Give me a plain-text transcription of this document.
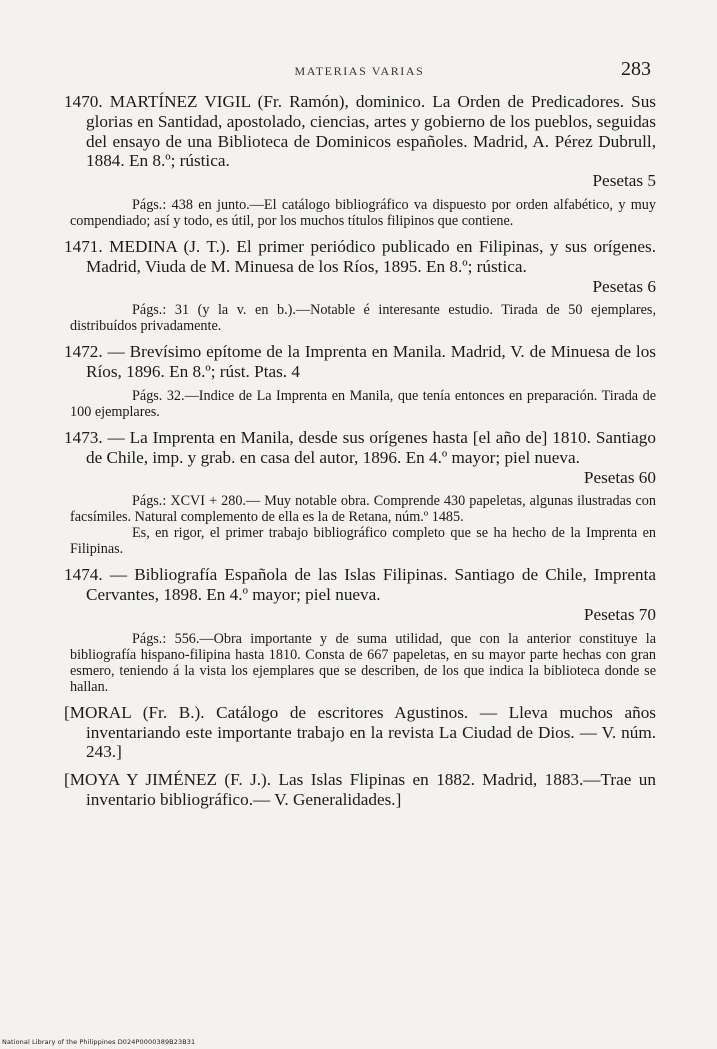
MATERIAS VARIAS	283
1470. MARTÍNEZ VIGIL (Fr. Ramón), dominico. La Orden de Predicadores. Sus glorias en Santidad, apostolado, ciencias, artes y gobierno de los pueblos, seguidas del ensayo de una Biblioteca de Dominicos españoles. Madrid, A. Pérez Dubrull, 1884. En 8.º; rústica.
Pesetas 5
Págs.: 438 en junto.—El catálogo bibliográfico va dispuesto por orden alfabético, y muy compendiado; así y todo, es útil, por los muchos títulos filipinos que contiene.
1471. MEDINA (J. T.). El primer periódico publicado en Filipinas, y sus orígenes. Madrid, Viuda de M. Minuesa de los Ríos, 1895. En 8.º; rústica.
Pesetas 6
Págs.: 31 (y la v. en b.).—Notable é interesante estudio. Tirada de 50 ejemplares, distribuídos privadamente.
1472. — Brevísimo epítome de la Imprenta en Manila. Madrid, V. de Minuesa de los Ríos, 1896. En 8.º; rúst. Ptas. 4
Págs. 32.—Indice de La Imprenta en Manila, que tenía entonces en preparación. Tirada de 100 ejemplares.
1473. — La Imprenta en Manila, desde sus orígenes hasta [el año de] 1810. Santiago de Chile, imp. y grab. en casa del autor, 1896. En 4.º mayor; piel nueva.
Pesetas 60
Págs.: XCVI + 280.— Muy notable obra. Comprende 430 papeletas, algunas ilustradas con facsímiles. Natural complemento de ella es la de Retana, núm.º 1485.
Es, en rigor, el primer trabajo bibliográfico completo que se ha hecho de la Imprenta en Filipinas.
1474. — Bibliografía Española de las Islas Filipinas. Santiago de Chile, Imprenta Cervantes, 1898. En 4.º mayor; piel nueva.
Pesetas 70
Págs.: 556.—Obra importante y de suma utilidad, que con la anterior constituye la bibliografía hispano-filipina hasta 1810. Consta de 667 papeletas, en su mayor parte hechas con gran esmero, teniendo á la vista los ejemplares que se describen, de los que indica la biblioteca donde se hallan.
[MORAL (Fr. B.). Catálogo de escritores Agustinos. — Lleva muchos años inventariando este importante trabajo en la revista La Ciudad de Dios. — V. núm. 243.]
[MOYA Y JIMÉNEZ (F. J.). Las Islas Flipinas en 1882. Madrid, 1883.—Trae un inventario bibliográfico.— V. Generalidades.]
National Library of the Philippines D024P0000389B23B31
